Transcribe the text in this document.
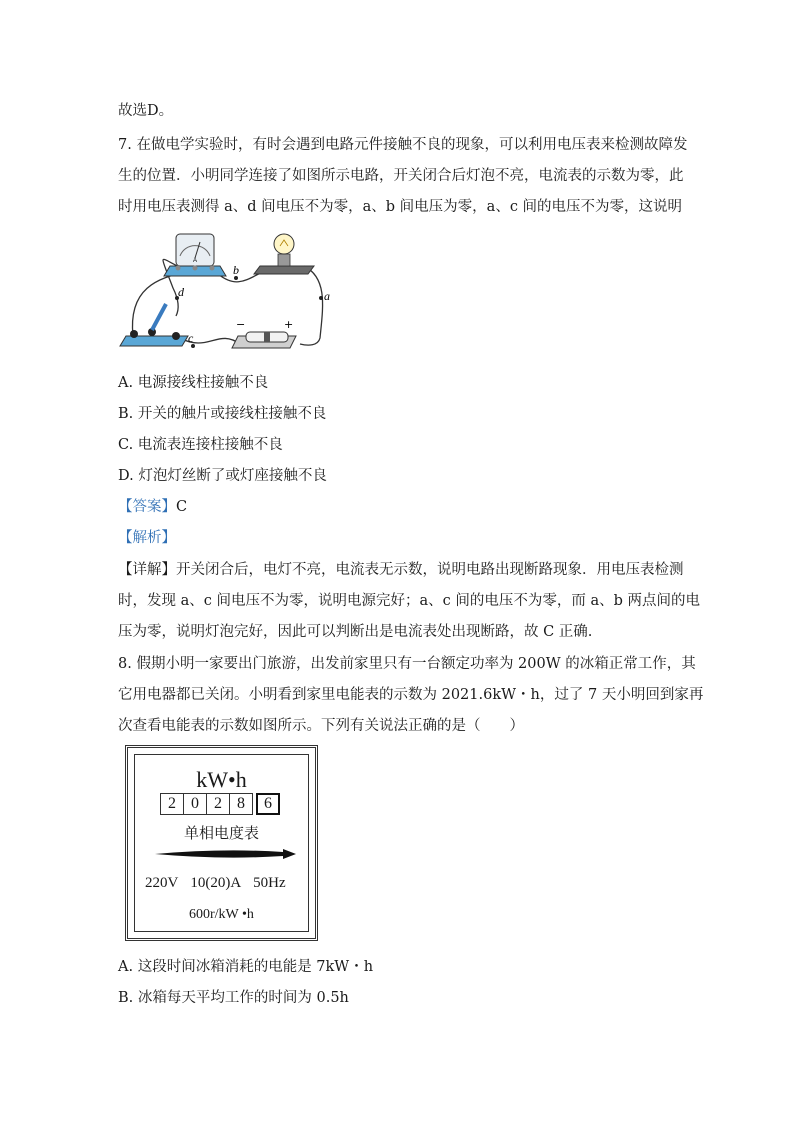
故选D。
7. 在做电学实验时，有时会遇到电路元件接触不良的现象，可以利用电压表来检测故障发
生的位置．小明同学连接了如图所示电路，开关闭合后灯泡不亮，电流表的示数为零，此
时用电压表测得 a、d 间电压不为零，a、b 间电压为零，a、c 间的电压不为零，这说明
A
−	+
d
b
a
c
A. 电源接线柱接触不良
B. 开关的触片或接线柱接触不良
C. 电流表连接柱接触不良
D. 灯泡灯丝断了或灯座接触不良
【答案】C
【解析】
【详解】开关闭合后，电灯不亮，电流表无示数，说明电路出现断路现象．用电压表检测
时，发现 a、c 间电压不为零，说明电源完好；a、c 间的电压不为零，而 a、b 两点间的电
压为零，说明灯泡完好，因此可以判断出是电流表处出现断路，故 C 正确.
8. 假期小明一家要出门旅游，出发前家里只有一台额定功率为 200W 的冰箱正常工作，其
它用电器都已关闭。小明看到家里电能表的示数为 2021.6kW・h，过了 7 天小明回到家再
次查看电能表的示数如图所示。下列有关说法正确的是（　　）
kW•h
2 0 2 8	6
单相电度表
220V 10(20)A 50Hz
600r/kW •h
A. 这段时间冰箱消耗的电能是 7kW・h
B. 冰箱每天平均工作的时间为 0.5h
